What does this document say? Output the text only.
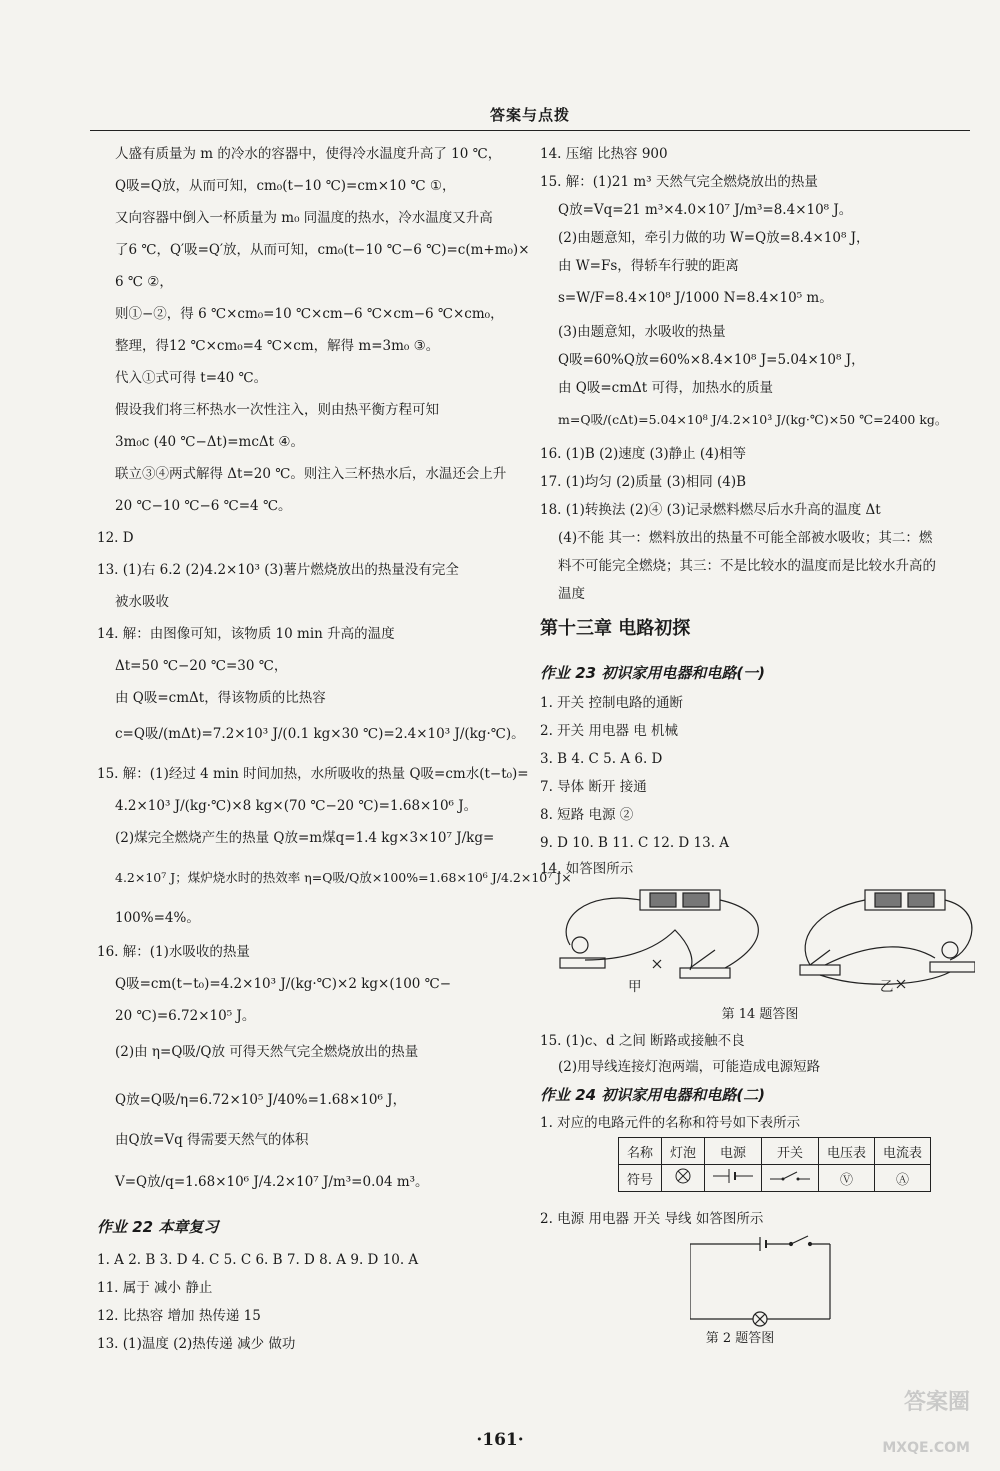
答案与点拨
人盛有质量为 m 的冷水的容器中，使得冷水温度升高了 10 ℃，
Q吸=Q放，从而可知，cm₀(t−10 ℃)=cm×10 ℃ ①，
又向容器中倒入一杯质量为 m₀ 同温度的热水，冷水温度又升高
了6 ℃，Q′吸=Q′放，从而可知，cm₀(t−10 ℃−6 ℃)=c(m+m₀)×
6 ℃ ②，
则①−②，得 6 ℃×cm₀=10 ℃×cm−6 ℃×cm−6 ℃×cm₀，
整理，得12 ℃×cm₀=4 ℃×cm，解得 m=3m₀ ③。
代入①式可得 t=40 ℃。
假设我们将三杯热水一次性注入，则由热平衡方程可知
3m₀c (40 ℃−Δt)=mcΔt ④。
联立③④两式解得 Δt=20 ℃。则注入三杯热水后，水温还会上升
20 ℃−10 ℃−6 ℃=4 ℃。
12. D
13. (1)右 6.2 (2)4.2×10³ (3)薯片燃烧放出的热量没有完全
被水吸收
14. 解：由图像可知，该物质 10 min 升高的温度
Δt=50 ℃−20 ℃=30 ℃，
由 Q吸=cmΔt，得该物质的比热容
c=Q吸/(mΔt)=7.2×10³ J/(0.1 kg×30 ℃)=2.4×10³ J/(kg·℃)。
15. 解：(1)经过 4 min 时间加热，水所吸收的热量 Q吸=cm水(t−t₀)=
4.2×10³ J/(kg·℃)×8 kg×(70 ℃−20 ℃)=1.68×10⁶ J。
(2)煤完全燃烧产生的热量 Q放=m煤q=1.4 kg×3×10⁷ J/kg=
4.2×10⁷ J；煤炉烧水时的热效率 η=Q吸/Q放×100%=1.68×10⁶ J/4.2×10⁷ J×
100%=4%。
16. 解：(1)水吸收的热量
Q吸=cm(t−t₀)=4.2×10³ J/(kg·℃)×2 kg×(100 ℃−
20 ℃)=6.72×10⁵ J。
(2)由 η=Q吸/Q放 可得天然气完全燃烧放出的热量
Q放=Q吸/η=6.72×10⁵ J/40%=1.68×10⁶ J，
由Q放=Vq 得需要天然气的体积
V=Q放/q=1.68×10⁶ J/4.2×10⁷ J/m³=0.04 m³。
作业 22 本章复习
1. A 2. B 3. D 4. C 5. C 6. B 7. D 8. A 9. D 10. A
11. 属于 减小 静止
12. 比热容 增加 热传递 15
13. (1)温度 (2)热传递 减少 做功
14. 压缩 比热容 900
15. 解：(1)21 m³ 天然气完全燃烧放出的热量
Q放=Vq=21 m³×4.0×10⁷ J/m³=8.4×10⁸ J。
(2)由题意知，牵引力做的功 W=Q放=8.4×10⁸ J，
由 W=Fs，得轿车行驶的距离
s=W/F=8.4×10⁸ J/1000 N=8.4×10⁵ m。
(3)由题意知，水吸收的热量
Q吸=60%Q放=60%×8.4×10⁸ J=5.04×10⁸ J，
由 Q吸=cmΔt 可得，加热水的质量
m=Q吸/(cΔt)=5.04×10⁸ J/4.2×10³ J/(kg·℃)×50 ℃=2400 kg。
16. (1)B (2)速度 (3)静止 (4)相等
17. (1)均匀 (2)质量 (3)相同 (4)B
18. (1)转换法 (2)④ (3)记录燃料燃尽后水升高的温度 Δt
(4)不能 其一：燃料放出的热量不可能全部被水吸收；其二：燃
料不可能完全燃烧；其三：不是比较水的温度而是比较水升高的
温度
第十三章 电路初探
作业 23 初识家用电器和电路(一)
1. 开关 控制电路的通断
2. 开关 用电器 电 机械
3. B 4. C 5. A 6. D
7. 导体 断开 接通
8. 短路 电源 ②
9. D 10. B 11. C 12. D 13. A
14. 如答图所示
甲	乙
第 14 题答图
15. (1)c、d 之间 断路或接触不良
(2)用导线连接灯泡两端，可能造成电源短路
作业 24 初识家用电器和电路(二)
1. 对应的电路元件的名称和符号如下表所示
名称	灯泡	电源	开关	电压表	电流表
符号				Ⓥ	Ⓐ
2. 电源 用电器 开关 导线 如答图所示
第 2 题答图
·161·
答案圈
MXQE.COM
